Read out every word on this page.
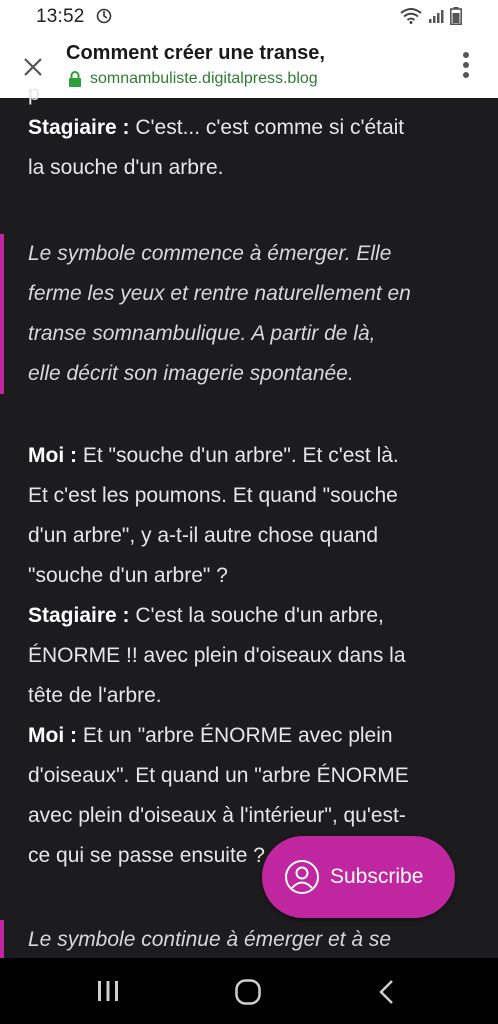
13:52
Comment créer une transe,
somnambuliste.digitalpress.blog
p
Stagiaire : C'est... c'est comme si c'était
la souche d'un arbre.
Le symbole commence à émerger. Elle
ferme les yeux et rentre naturellement en
transe somnambulique. A partir de là,
elle décrit son imagerie spontanée.
Moi : Et "souche d'un arbre". Et c'est là.
Et c'est les poumons. Et quand "souche
d'un arbre", y a-t-il autre chose quand
"souche d'un arbre" ?
Stagiaire : C'est la souche d'un arbre,
ÉNORME !! avec plein d'oiseaux dans la
tête de l'arbre.
Moi : Et un "arbre ÉNORME avec plein
d'oiseaux". Et quand un "arbre ÉNORME
avec plein d'oiseaux à l'intérieur", qu'est-
ce qui se passe ensuite ?
Le symbole continue à émerger et à se
Subscribe
